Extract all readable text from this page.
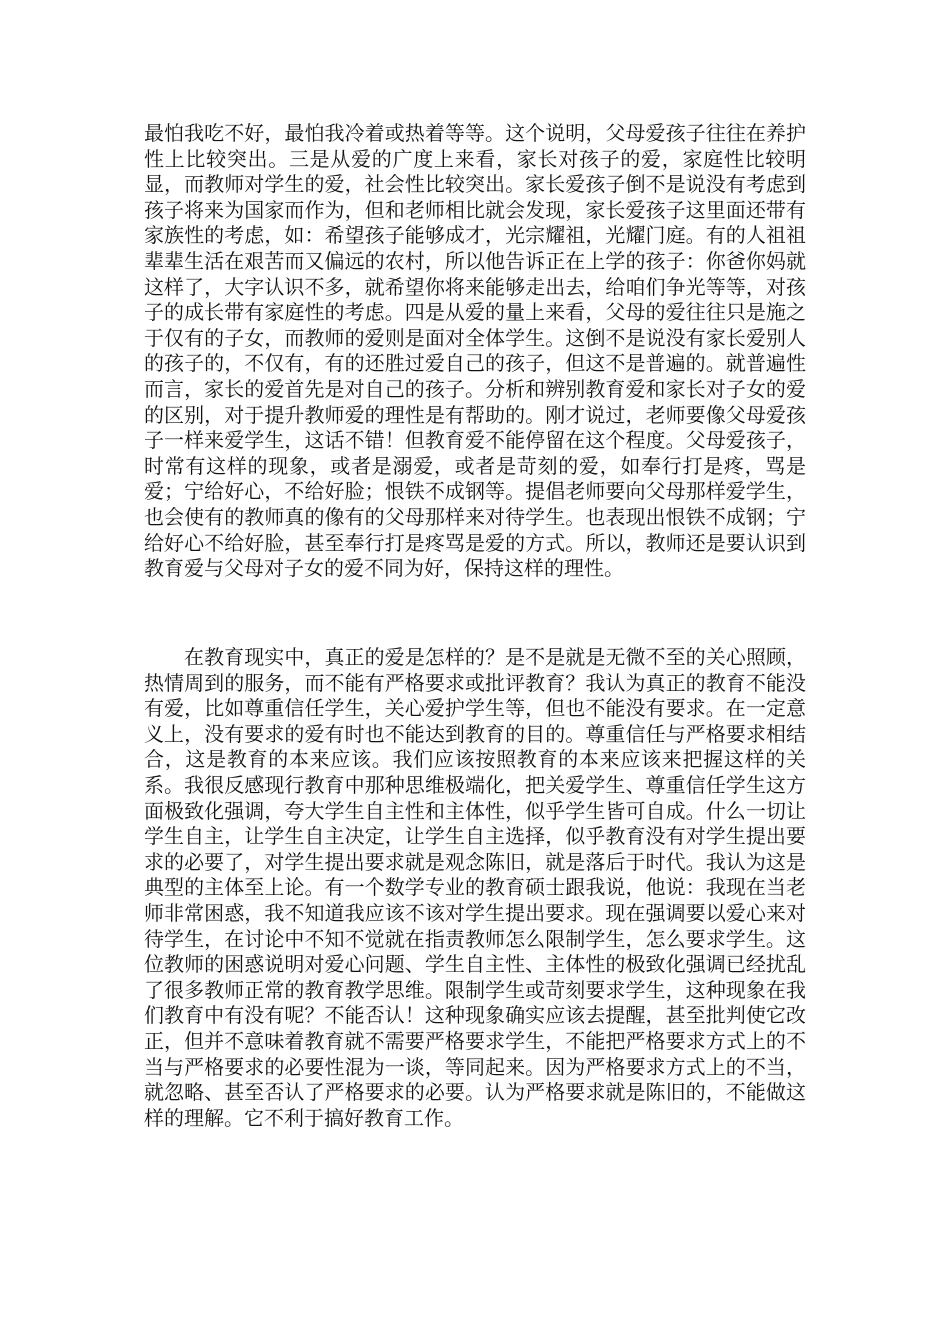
最怕我吃不好，最怕我冷着或热着等等。这个说明，父母爱孩子往往在养护性上比较突出。三是从爱的广度上来看，家长对孩子的爱，家庭性比较明显，而教师对学生的爱，社会性比较突出。家长爱孩子倒不是说没有考虑到孩子将来为国家而作为，但和老师相比就会发现，家长爱孩子这里面还带有家族性的考虑，如：希望孩子能够成才，光宗耀祖，光耀门庭。有的人祖祖辈辈生活在艰苦而又偏远的农村，所以他告诉正在上学的孩子：你爸你妈就这样了，大字认识不多，就希望你将来能够走出去，给咱们争光等等，对孩子的成长带有家庭性的考虑。四是从爱的量上来看，父母的爱往往只是施之于仅有的子女，而教师的爱则是面对全体学生。这倒不是说没有家长爱别人的孩子的，不仅有，有的还胜过爱自己的孩子，但这不是普遍的。就普遍性而言，家长的爱首先是对自己的孩子。分析和辨别教育爱和家长对子女的爱的区别，对于提升教师爱的理性是有帮助的。刚才说过，老师要像父母爱孩子一样来爱学生，这话不错！但教育爱不能停留在这个程度。父母爱孩子，时常有这样的现象，或者是溺爱，或者是苛刻的爱，如奉行打是疼，骂是爱；宁给好心，不给好脸；恨铁不成钢等。提倡老师要向父母那样爱学生，也会使有的教师真的像有的父母那样来对待学生。也表现出恨铁不成钢；宁给好心不给好脸，甚至奉行打是疼骂是爱的方式。所以，教师还是要认识到教育爱与父母对子女的爱不同为好，保持这样的理性。

在教育现实中，真正的爱是怎样的？是不是就是无微不至的关心照顾，热情周到的服务，而不能有严格要求或批评教育？我认为真正的教育不能没有爱，比如尊重信任学生，关心爱护学生等，但也不能没有要求。在一定意义上，没有要求的爱有时也不能达到教育的目的。尊重信任与严格要求相结合，这是教育的本来应该。我们应该按照教育的本来应该来把握这样的关系。我很反感现行教育中那种思维极端化，把关爱学生、尊重信任学生这方面极致化强调，夸大学生自主性和主体性，似乎学生皆可自成。什么一切让学生自主，让学生自主决定，让学生自主选择，似乎教育没有对学生提出要求的必要了，对学生提出要求就是观念陈旧，就是落后于时代。我认为这是典型的主体至上论。有一个数学专业的教育硕士跟我说，他说：我现在当老师非常困惑，我不知道我应该不该对学生提出要求。现在强调要以爱心来对待学生，在讨论中不知不觉就在指责教师怎么限制学生，怎么要求学生。这位教师的困惑说明对爱心问题、学生自主性、主体性的极致化强调已经扰乱了很多教师正常的教育教学思维。限制学生或苛刻要求学生，这种现象在我们教育中有没有呢？不能否认！这种现象确实应该去提醒，甚至批判使它改正，但并不意味着教育就不需要严格要求学生，不能把严格要求方式上的不当与严格要求的必要性混为一谈，等同起来。因为严格要求方式上的不当，就忽略、甚至否认了严格要求的必要。认为严格要求就是陈旧的，不能做这样的理解。它不利于搞好教育工作。
